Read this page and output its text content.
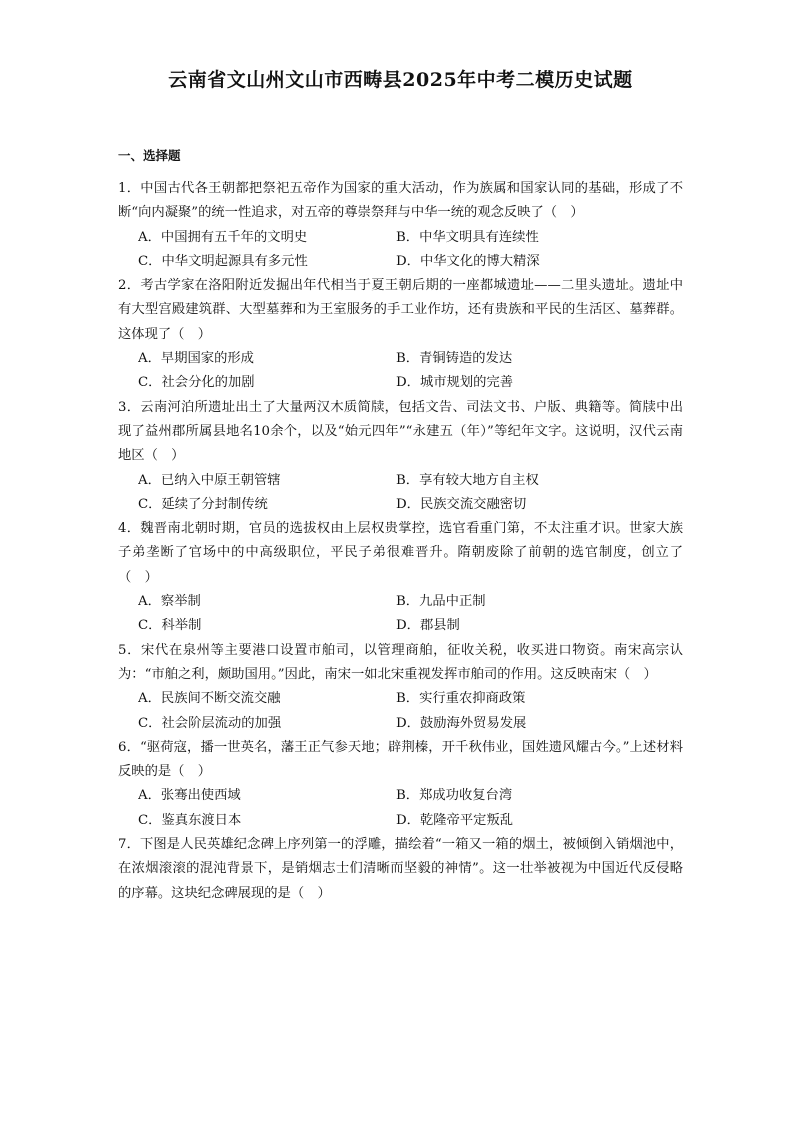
云南省文山州文山市西畴县2025年中考二模历史试题
一、选择题

1．中国古代各王朝都把祭祀五帝作为国家的重大活动，作为族属和国家认同的基础，形成了不断“向内凝聚”的统一性追求，对五帝的尊崇祭拜与中华一统的观念反映了（　）

A．中国拥有五千年的文明史	B．中华文明具有连续性
C．中华文明起源具有多元性	D．中华文化的博大精深

2．考古学家在洛阳附近发掘出年代相当于夏王朝后期的一座都城遗址——二里头遗址。遗址中有大型宫殿建筑群、大型墓葬和为王室服务的手工业作坊，还有贵族和平民的生活区、墓葬群。这体现了（　）

A．早期国家的形成	B．青铜铸造的发达
C．社会分化的加剧	D．城市规划的完善

3．云南河泊所遗址出土了大量两汉木质简牍，包括文告、司法文书、户版、典籍等。简牍中出现了益州郡所属县地名10余个，以及“始元四年”“永建五（年）”等纪年文字。这说明，汉代云南地区（　）

A．已纳入中原王朝管辖	B．享有较大地方自主权
C．延续了分封制传统	D．民族交流交融密切

4．魏晋南北朝时期，官员的选拔权由上层权贵掌控，选官看重门第，不太注重才识。世家大族子弟垄断了官场中的中高级职位，平民子弟很难晋升。隋朝废除了前朝的选官制度，创立了（　）

A．察举制	B．九品中正制
C．科举制	D．郡县制

5．宋代在泉州等主要港口设置市舶司，以管理商舶，征收关税，收买进口物资。南宋高宗认为：“市舶之利，颇助国用。”因此，南宋一如北宋重视发挥市舶司的作用。这反映南宋（　）

A．民族间不断交流交融	B．实行重农抑商政策
C．社会阶层流动的加强	D．鼓励海外贸易发展

6．“驱荷寇，播一世英名，藩王正气参天地；辟荆榛，开千秋伟业，国姓遗风耀古今。”上述材料反映的是（　）

A．张骞出使西域	B．郑成功收复台湾
C．鉴真东渡日本	D．乾隆帝平定叛乱

7．下图是人民英雄纪念碑上序列第一的浮雕，描绘着“一箱又一箱的烟土，被倾倒入销烟池中，在浓烟滚滚的混沌背景下，是销烟志士们清晰而坚毅的神情”。这一壮举被视为中国近代反侵略的序幕。这块纪念碑展现的是（　）
